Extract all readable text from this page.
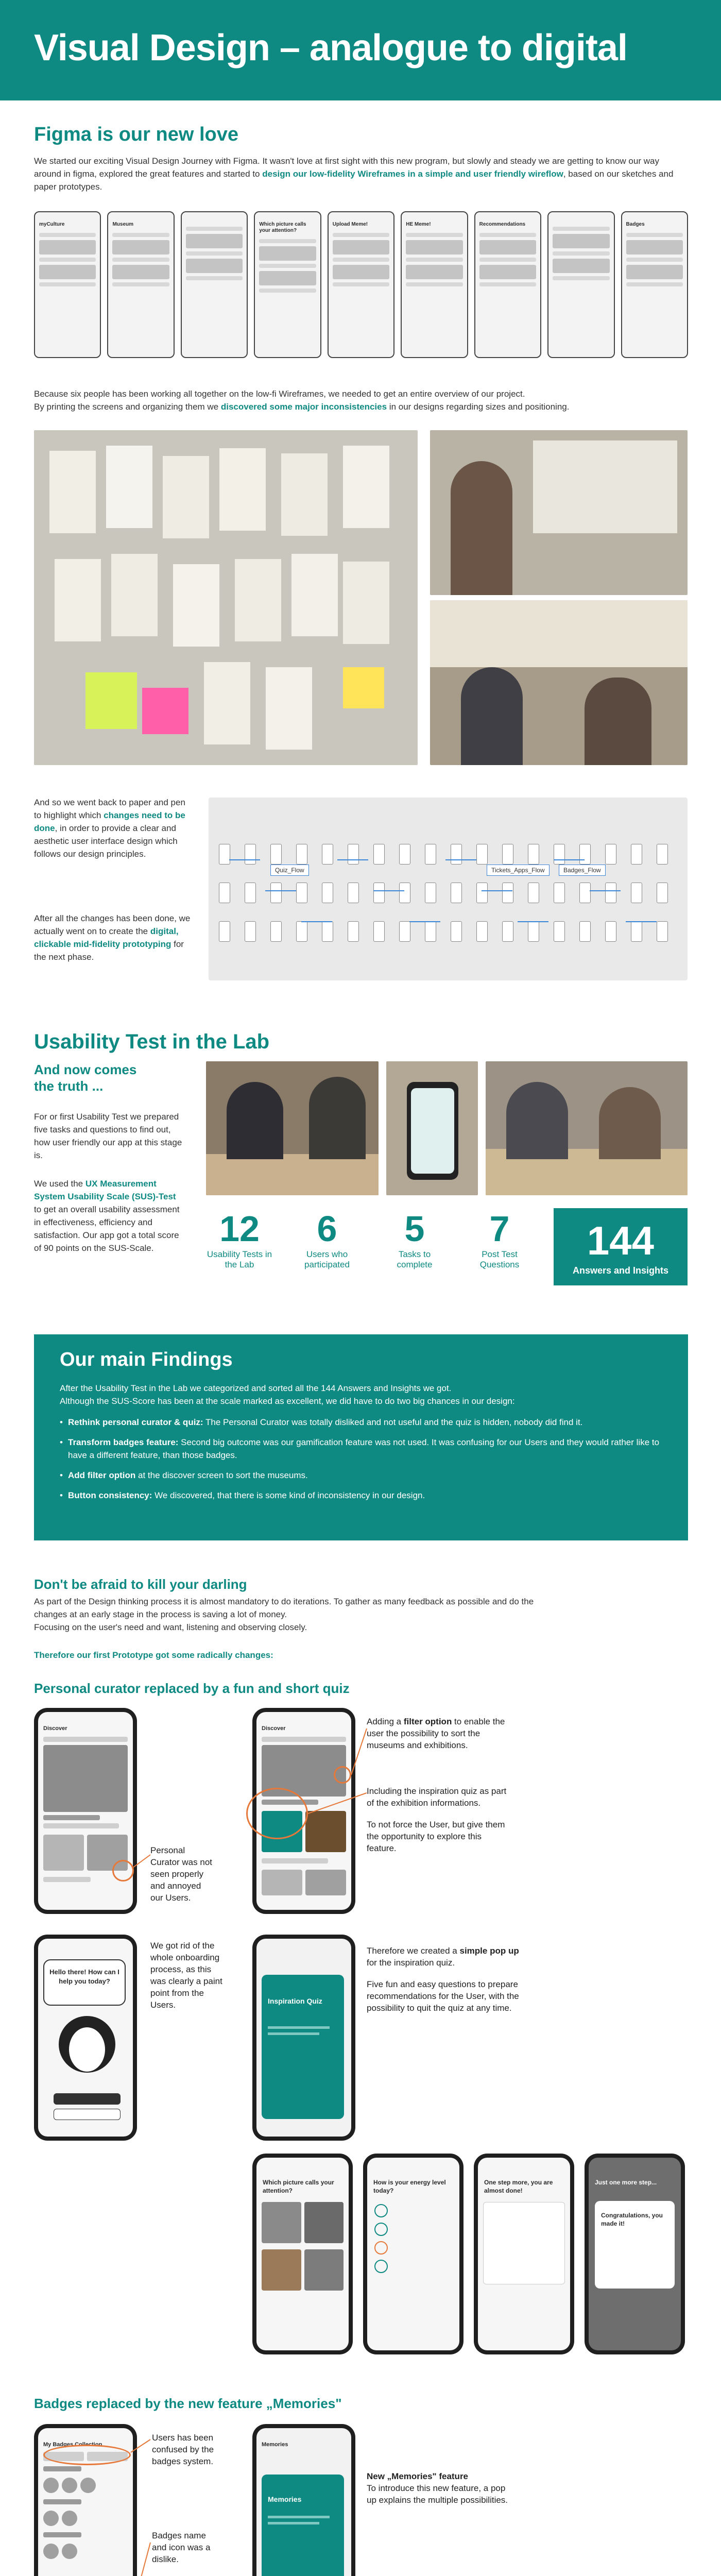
Visual Design – analogue to digital
Figma is our new love

We started our exciting Visual Design Journey with Figma. It wasn't love at first sight with this new program, but slowly and steady we are getting to know our way around in figma, explored the great features and started to design our low-fidelity Wireframes in a simple and user friendly wireflow, based on our sketches and paper prototypes.

myCulture	Museum	Which picture calls your attention?
Upload Meme!	HE Meme!	Recommendations	Badges

Because six people has been working all together on the low-fi Wireframes, we needed to get an entire overview of our project.
By printing the screens and organizing them we discovered some major inconsistencies in our designs regarding sizes and positioning.

And so we went back to paper and pen to highlight which changes need to be done, in order to provide a clear and aesthetic user interface design which follows our design principles.

After all the changes has been done, we actually went on to create the digital, clickable mid-fidelity prototyping for the next phase.

Quiz_Flow	Tickets_Apps_Flow	Badges_Flow
Usability Test in the Lab
And now comes the truth ...

For or first Usability Test we prepared five tasks and questions to find out, how user friendly our app at this stage is.

We used the UX Measurement System Usability Scale (SUS)-Test to get an overall usability assessment in effectiveness, efficiency and satisfaction. Our app got a total score of 90 points on the SUS-Scale.	12
Usability Tests in the Lab
6
Users who participated
5
Tasks to complete
7
Post Test Questions
144
Answers and Insights
Our main Findings

After the Usability Test in the Lab we categorized and sorted all the 144 Answers and Insights we got.
Although the SUS-Score has been at the scale marked as excellent, we did have to do two big chances in our design:

• Rethink personal curator & quiz: The Personal Curator was totally disliked and not useful and the quiz is hidden, nobody did find it.
• Transform badges feature: Second big outcome was our gamification feature was not used. It was confusing for our Users and they would rather like to have a different feature, than those badges.
• Add filter option at the discover screen to sort the museums.
• Button consistency: We discovered, that there is some kind of inconsistency in our design.
Don't be afraid to kill your darling

As part of the Design thinking process it is almost mandatory to do iterations. To gather as many feedback as possible and do the changes at an early stage in the process is saving a lot of money.
Focusing on the user's need and want, listening and observing closely.

Therefore our first Prototype got some radically changes:

Personal curator replaced by a fun and short quiz
Discover

Personal Curator was not seen properly and annoyed our Users.

Discover

Adding a filter option to enable the user the possibility to sort the museums and exhibitions.

Including the inspiration quiz as part of the exhibition informations.

To not force the User, but give them the opportunity to explore this feature.

Hello there! How can I help you today?

We got rid of the whole onboarding process, as this was clearly a paint point from the Users.	Inspiration Quiz

Therefore we created a simple pop up for the inspiration quiz.

Five fun and easy questions to prepare recommendations for the User, with the possibility to quit the quiz at any time.

Which picture calls your attention?
How is your energy level today?
One step more, you are almost done!
Just one more step...
Congratulations, you made it!
Badges replaced by the new feature „Memories"
My Badges Collection

Users has been confused by the badges system.

Badges name and icon was a dislike.

Memories
Memories

New „Memories" feature
To introduce this new feature, a pop up explains the multiple possibilities.
